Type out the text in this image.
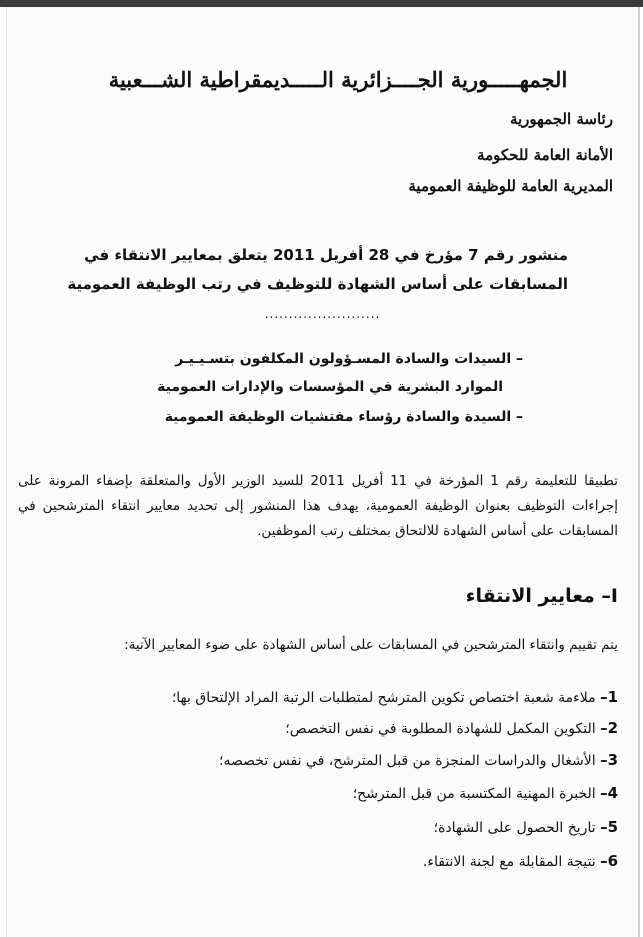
الجمهـــــورية الجــــزائرية الـــــديمقراطية الشـــعبية
رئاسة الجمهورية
الأمانة العامة للحكومة
المديرية العامة للوظيفة العمومية
منشور رقم 7 مؤرخ في 28 أفريل 2011 يتعلق بمعايير الانتقاء في
المسابقات على أساس الشهادة للتوظيف في رتب الوظيفة العمومية
........................
– السيدات والسادة المسـؤولون المكلفون بتسـيـيـر
الموارد البشرية في المؤسسات والإدارات العمومية
– السيدة والسادة رؤساء مفتشيات الوظيفة العمومية
تطبيقا للتعليمة رقم 1 المؤرخة في 11 أفريل 2011 للسيد الوزير الأول والمتعلقة بإضفاء المرونة على إجراءات التوظيف بعنوان الوظيفة العمومية، يهدف هذا المنشور إلى تحديد معايير انتقاء المترشحين في المسابقات على أساس الشهادة للالتحاق بمختلف رتب الموظفين.
I– معايير الانتقاء
يتم تقييم وانتقاء المترشحين في المسابقات على أساس الشهادة على ضوء المعايير الآتية:
1– ملاءمة شعبة اختصاص تكوين المترشح لمتطلبات الرتبة المراد الإلتحاق بها؛
2– التكوين المكمل للشهادة المطلوبة في نفس التخصص؛
3– الأشغال والدراسات المنجزة من قبل المترشح، في نفس تخصصه؛
4– الخبرة المهنية المكتسبة من قبل المترشح؛
5– تاريخ الحصول على الشهادة؛
6– نتيجة المقابلة مع لجنة الانتقاء.
